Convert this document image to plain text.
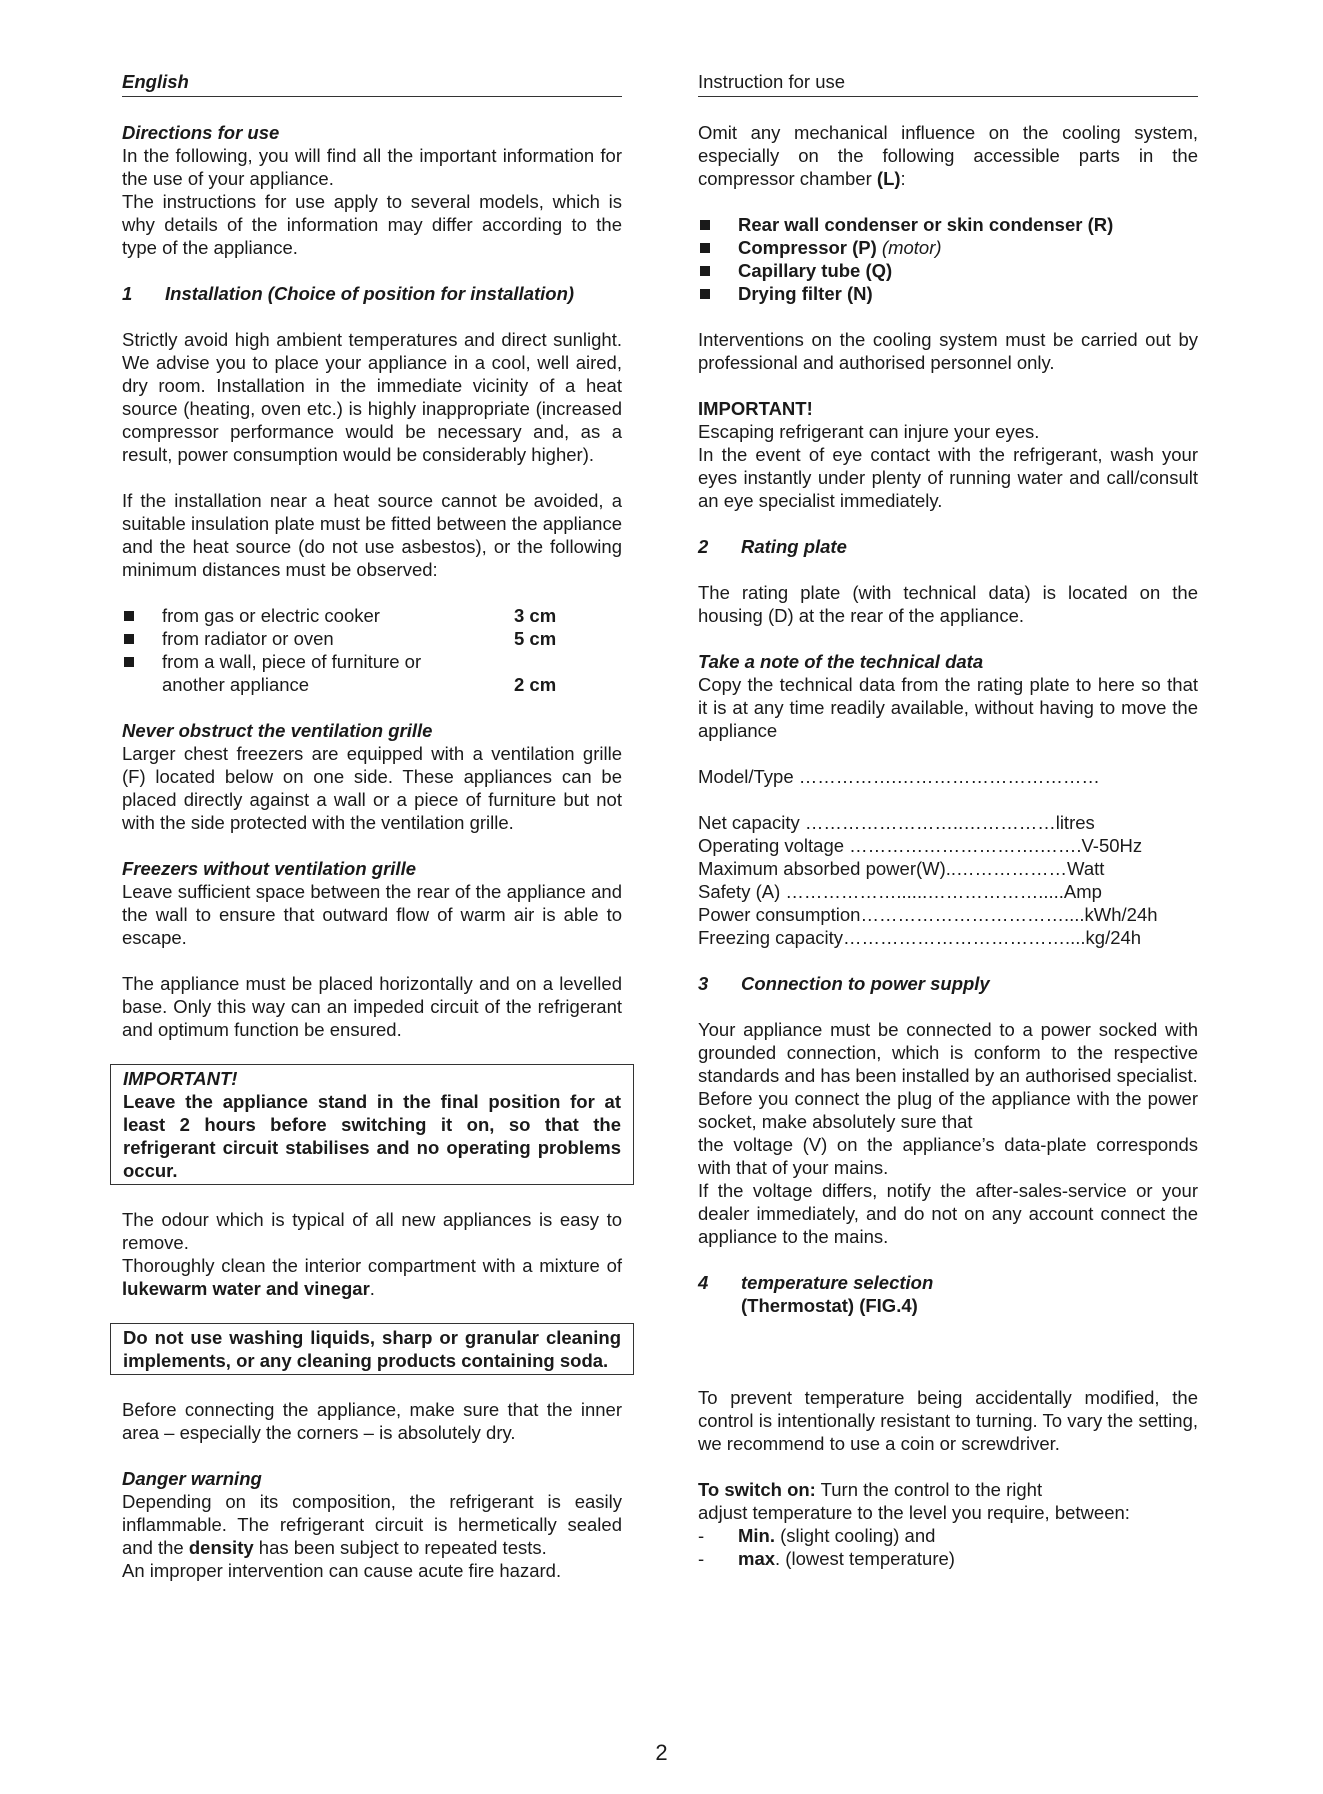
English
Directions for use
In the following, you will find all the important information for the use of your appliance.

The instructions for use apply to several models, which is why details of the information may differ according to the type of the appliance.

1 Installation (Choice of position for installation)

Strictly avoid high ambient temperatures and direct sunlight. We advise you to place your appliance in a cool, well aired, dry room. Installation in the immediate vicinity of a heat source (heating, oven etc.) is highly inappropriate (increased compressor performance would be necessary and, as a result, power consumption would be considerably higher).

If the installation near a heat source cannot be avoided, a suitable insulation plate must be fitted between the appliance and the heat source (do not use asbestos), or the following minimum distances must be observed:

from gas or electric cooker	3 cm
from radiator or oven	5 cm
from a wall, piece of furniture or
another appliance	2 cm
Never obstruct the ventilation grille

Larger chest freezers are equipped with a ventilation grille (F) located below on one side. These appliances can be placed directly against a wall or a piece of furniture but not with the side protected with the ventilation grille.

Freezers without ventilation grille

Leave sufficient space between the rear of the appliance and the wall to ensure that outward flow of warm air is able to escape.

The appliance must be placed horizontally and on a levelled base. Only this way can an impeded circuit of the refrigerant and optimum function be ensured.

IMPORTANT!
Leave the appliance stand in the final position for at least 2 hours before switching it on, so that the refrigerant circuit stabilises and no operating problems occur.
The odour which is typical of all new appliances is easy to remove.

Thoroughly clean the interior compartment with a mixture of lukewarm water and vinegar.

Do not use washing liquids, sharp or granular cleaning implements, or any cleaning products containing soda.

Before connecting the appliance, make sure that the inner area – especially the corners – is absolutely dry.

Danger warning
Depending on its composition, the refrigerant is easily inflammable. The refrigerant circuit is hermetically sealed and the density has been subject to repeated tests.
An improper intervention can cause acute fire hazard.
Instruction for use

Omit any mechanical influence on the cooling system, especially on the following accessible parts in the compressor chamber (L):

Rear wall condenser or skin condenser (R)
Compressor (P) (motor)
Capillary tube (Q)
Drying filter (N)

Interventions on the cooling system must be carried out by professional and authorised personnel only.

IMPORTANT!
Escaping refrigerant can injure your eyes.

In the event of eye contact with the refrigerant, wash your eyes instantly under plenty of running water and call/consult an eye specialist immediately.

2 Rating plate

The rating plate (with technical data) is located on the housing (D) at the rear of the appliance.

Take a note of the technical data

Copy the technical data from the rating plate to here so that it is at any time readily available, without having to move the appliance

Model/Type …………….……………………………

Net capacity ……………………..……………litres
Operating voltage ………………………….…….V-50Hz
Maximum absorbed power(W)..………………Watt
Safety (A) ………………......……………….....Amp
Power consumption……………………………....kWh/24h
Freezing capacity………………………………....kg/24h
3 Connection to power supply
Your appliance must be connected to a power socked with grounded connection, which is conform to the respective standards and has been installed by an authorised specialist.
Before you connect the plug of the appliance with the power socket, make absolutely sure that
the voltage (V) on the appliance’s data-plate corresponds with that of your mains.

If the voltage differs, notify the after-sales-service or your dealer immediately, and do not on any account connect the appliance to the mains.

4 temperature selection
(Thermostat) (FIG.4)

To prevent temperature being accidentally modified, the control is intentionally resistant to turning. To vary the setting, we recommend to use a coin or screwdriver.

To switch on: Turn the control to the right
adjust temperature to the level you require, between:
-	Min. (slight cooling) and
-	max. (lowest temperature)
2
